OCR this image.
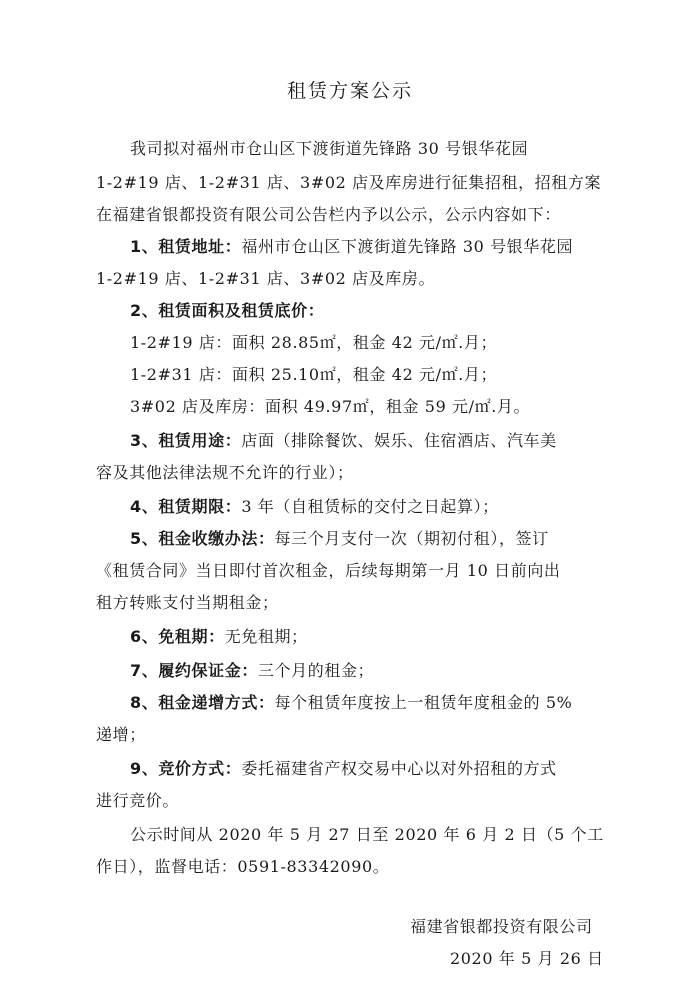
租赁方案公示
我司拟对福州市仓山区下渡街道先锋路 30 号银华花园
1-2#19 店、1-2#31 店、3#02 店及库房进行征集招租，招租方案
在福建省银都投资有限公司公告栏内予以公示，公示内容如下：
1、租赁地址：福州市仓山区下渡街道先锋路 30 号银华花园
1-2#19 店、1-2#31 店、3#02 店及库房。
2、租赁面积及租赁底价：
1-2#19 店：面积 28.85㎡，租金 42 元/㎡.月；
1-2#31 店：面积 25.10㎡，租金 42 元/㎡.月；
3#02 店及库房：面积 49.97㎡，租金 59 元/㎡.月。
3、租赁用途：店面（排除餐饮、娱乐、住宿酒店、汽车美
容及其他法律法规不允许的行业）；
4、租赁期限：3 年（自租赁标的交付之日起算）；
5、租金收缴办法：每三个月支付一次（期初付租），签订
《租赁合同》当日即付首次租金，后续每期第一月 10 日前向出
租方转账支付当期租金；
6、免租期：无免租期；
7、履约保证金：三个月的租金；
8、租金递增方式：每个租赁年度按上一租赁年度租金的 5%
递增；
9、竞价方式：委托福建省产权交易中心以对外招租的方式
进行竞价。
公示时间从 2020 年 5 月 27 日至 2020 年 6 月 2 日（5 个工
作日），监督电话：0591-83342090。
福建省银都投资有限公司
2020 年 5 月 26 日
